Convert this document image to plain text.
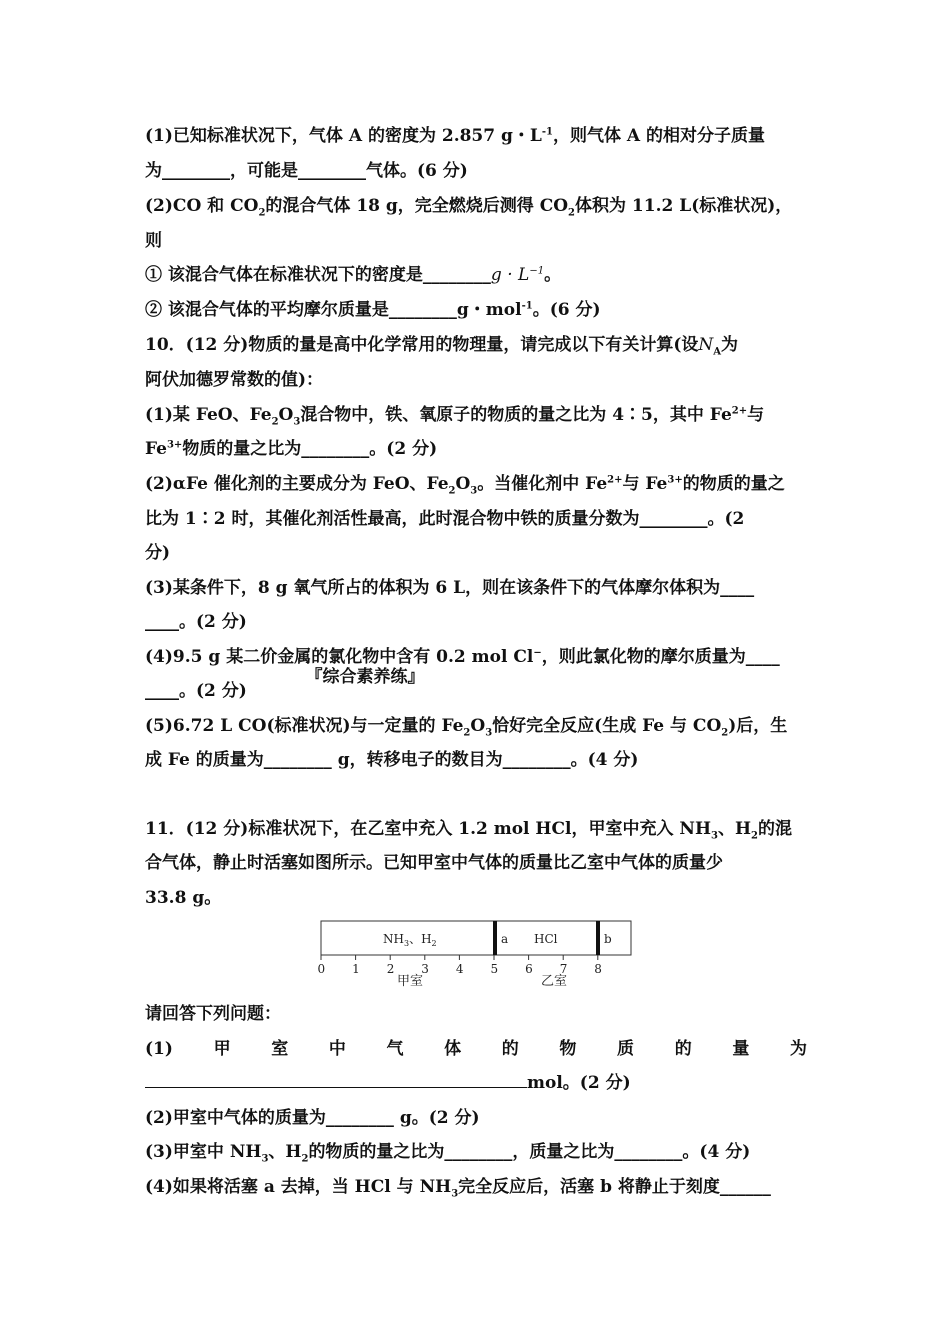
(1)已知标准状况下，气体 A 的密度为 2.857 g・$L^{-1}$，则气体 A 的相对分子质量
为________，可能是________气体。(6 分)
(2)CO 和 $CO_2$的混合气体 18 g，完全燃烧后测得 $CO_2$体积为 11.2 L(标准状况)，
则
① 该混合气体在标准状况下的密度是________g · $L^{-1}$。
② 该混合气体的平均摩尔质量是________g・mol$^{-1}$。(6 分)
10．(12 分)物质的量是高中化学常用的物理量，请完成以下有关计算(设$N_A$为
阿伏加德罗常数的值)：
(1)某 FeO、$Fe_2O_3$混合物中，铁、氧原子的物质的量之比为 4∶5，其中 $Fe^{2+}$与
$Fe^{3+}$物质的量之比为________。(2 分)
(2)αFe 催化剂的主要成分为 FeO、$Fe_2O_3$。当催化剂中 $Fe^{2+}$与 $Fe^{3+}$的物质的量之
比为 1∶2 时，其催化剂活性最高，此时混合物中铁的质量分数为________。(2
分)
(3)某条件下，8 g 氧气所占的体积为 6 L，则在该条件下的气体摩尔体积为____
____。(2 分)
(4)9.5 g 某二价金属的氯化物中含有 0.2 mol Cl−，则此氯化物的摩尔质量为____
____。(2 分)
(5)6.72 L CO(标准状况)与一定量的 $Fe_2O_3$恰好完全反应(生成 Fe 与 $CO_2$)后，生
成 Fe 的质量为________ g，转移电子的数目为________。(4 分)
11．(12 分)标准状况下，在乙室中充入 1.2 mol HCl，甲室中充入 $NH_3$、$H_2$的混
合气体，静止时活塞如图所示。已知甲室中气体的质量比乙室中气体的质量少
33.8 g。
请回答下列问题：
(1) 甲 室 中 气 体 的 物 质 的 量 为
mol。(2 分)
(2)甲室中气体的质量为________ g。(2 分)
(3)甲室中 $NH_3$、$H_2$的物质的量之比为________，质量之比为________。(4 分)
(4)如果将活塞 a 去掉，当 HCl 与 $NH_3$完全反应后，活塞 b 将静止于刻度______
『综合素养练』
$NH_3$、$H_2$	a HCl	b
0 1 2 3 4 5 6 7 8
甲室	乙室
